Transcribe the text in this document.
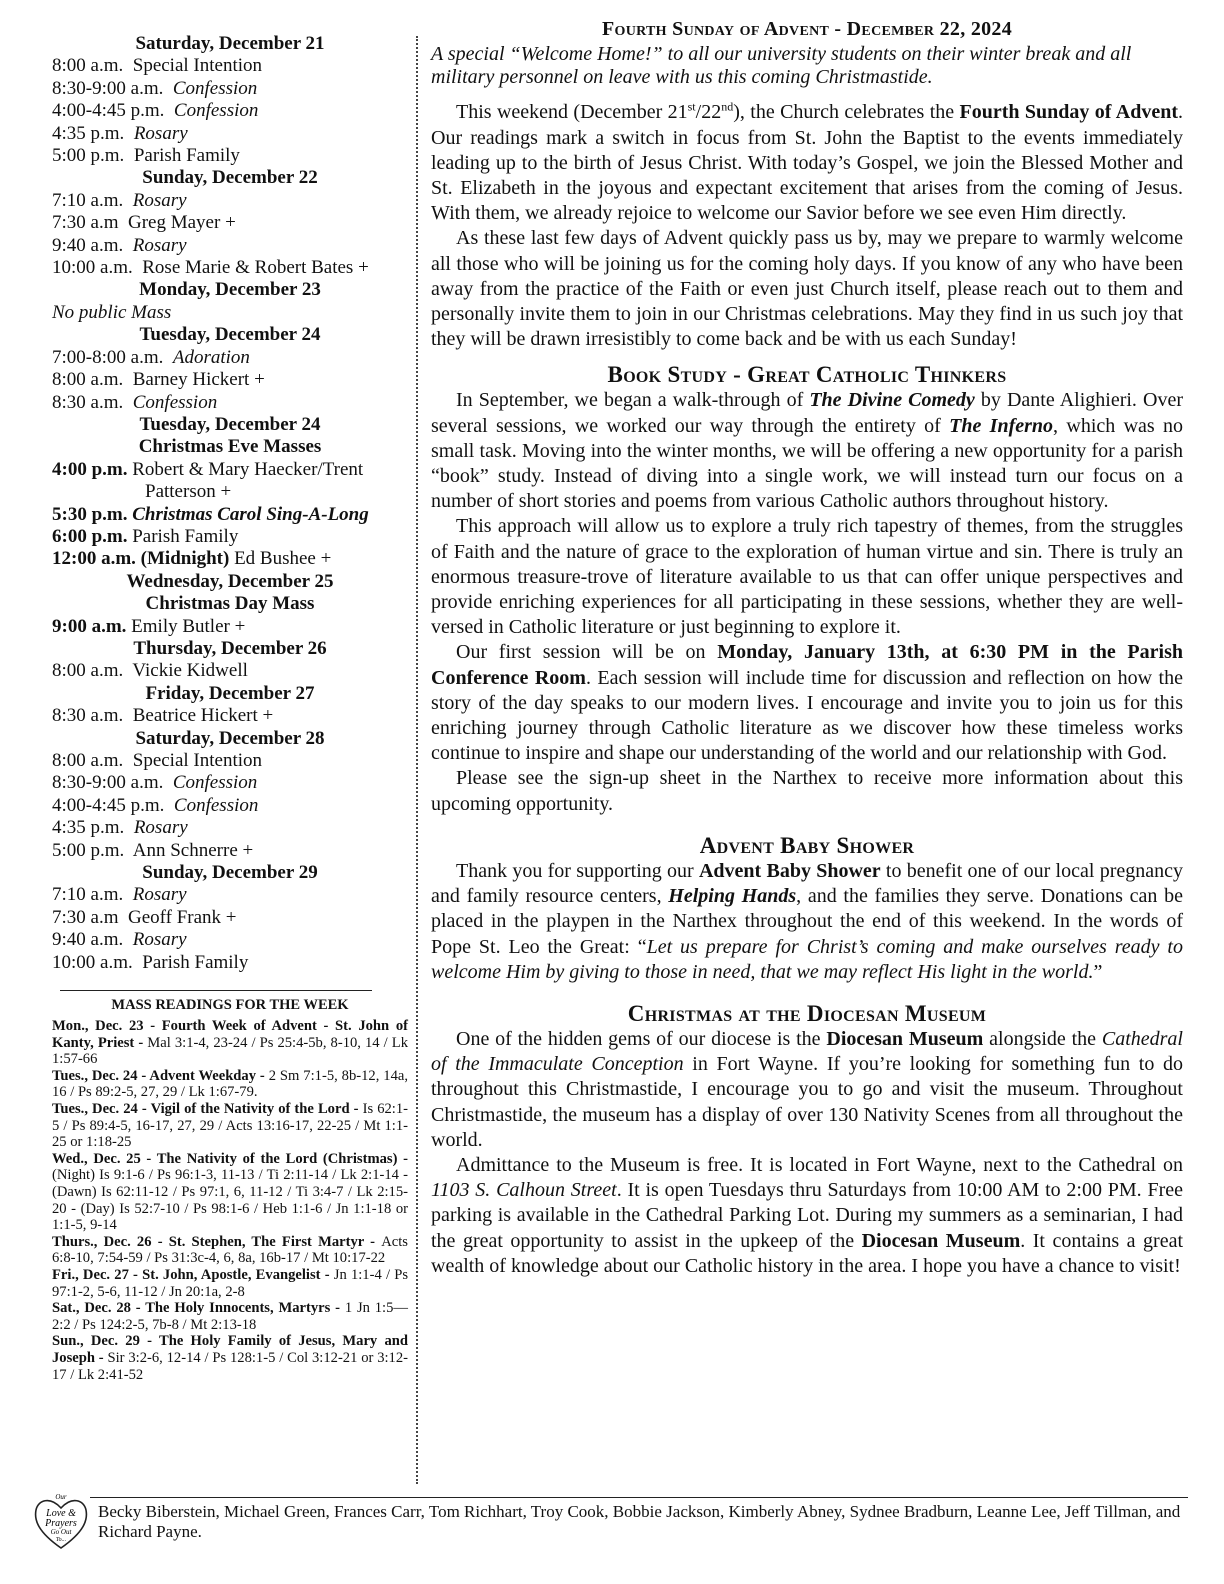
Saturday, December 21
8:00 a.m. Special Intention
8:30-9:00 a.m. Confession
4:00-4:45 p.m. Confession
4:35 p.m. Rosary
5:00 p.m. Parish Family
Sunday, December 22
7:10 a.m. Rosary
7:30 a.m Greg Mayer +
9:40 a.m. Rosary
10:00 a.m. Rose Marie & Robert Bates +
Monday, December 23
No public Mass
Tuesday, December 24
7:00-8:00 a.m. Adoration
8:00 a.m. Barney Hickert +
8:30 a.m. Confession
Tuesday, December 24
Christmas Eve Masses
4:00 p.m. Robert & Mary Haecker/Trent Patterson +
5:30 p.m. Christmas Carol Sing-A-Long
6:00 p.m. Parish Family
12:00 a.m. (Midnight) Ed Bushee +
Wednesday, December 25
Christmas Day Mass
9:00 a.m. Emily Butler +
Thursday, December 26
8:00 a.m. Vickie Kidwell
Friday, December 27
8:30 a.m. Beatrice Hickert +
Saturday, December 28
8:00 a.m. Special Intention
8:30-9:00 a.m. Confession
4:00-4:45 p.m. Confession
4:35 p.m. Rosary
5:00 p.m. Ann Schnerre +
Sunday, December 29
7:10 a.m. Rosary
7:30 a.m Geoff Frank +
9:40 a.m. Rosary
10:00 a.m. Parish Family
MASS READINGS FOR THE WEEK
Mon., Dec. 23 - Fourth Week of Advent - St. John of Kanty, Priest - Mal 3:1-4, 23-24 / Ps 25:4-5b, 8-10, 14 / Lk 1:57-66
Tues., Dec. 24 - Advent Weekday - 2 Sm 7:1-5, 8b-12, 14a, 16 / Ps 89:2-5, 27, 29 / Lk 1:67-79.
Tues., Dec. 24 - Vigil of the Nativity of the Lord - Is 62:1-5 / Ps 89:4-5, 16-17, 27, 29 / Acts 13:16-17, 22-25 / Mt 1:1-25 or 1:18-25
Wed., Dec. 25 - The Nativity of the Lord (Christmas) - (Night) Is 9:1-6 / Ps 96:1-3, 11-13 / Ti 2:11-14 / Lk 2:1-14 - (Dawn) Is 62:11-12 / Ps 97:1, 6, 11-12 / Ti 3:4-7 / Lk 2:15-20 - (Day) Is 52:7-10 / Ps 98:1-6 / Heb 1:1-6 / Jn 1:1-18 or 1:1-5, 9-14
Thurs., Dec. 26 - St. Stephen, The First Martyr - Acts 6:8-10, 7:54-59 / Ps 31:3c-4, 6, 8a, 16b-17 / Mt 10:17-22
Fri., Dec. 27 - St. John, Apostle, Evangelist - Jn 1:1-4 / Ps 97:1-2, 5-6, 11-12 / Jn 20:1a, 2-8
Sat., Dec. 28 - The Holy Innocents, Martyrs - 1 Jn 1:5—2:2 / Ps 124:2-5, 7b-8 / Mt 2:13-18
Sun., Dec. 29 - The Holy Family of Jesus, Mary and Joseph - Sir 3:2-6, 12-14 / Ps 128:1-5 / Col 3:12-21 or 3:12-17 / Lk 2:41-52
Fourth Sunday of Advent - December 22, 2024
A special “Welcome Home!” to all our university students on their winter break and all military personnel on leave with us this coming Christmastide.

This weekend (December 21st/22nd), the Church celebrates the Fourth Sunday of Advent. Our readings mark a switch in focus from St. John the Baptist to the events immediately leading up to the birth of Jesus Christ. With today’s Gospel, we join the Blessed Mother and St. Elizabeth in the joyous and expectant excitement that arises from the coming of Jesus. With them, we already rejoice to welcome our Savior before we see even Him directly.

As these last few days of Advent quickly pass us by, may we prepare to warmly welcome all those who will be joining us for the coming holy days. If you know of any who have been away from the practice of the Faith or even just Church itself, please reach out to them and personally invite them to join in our Christmas celebrations. May they find in us such joy that they will be drawn irresistibly to come back and be with us each Sunday!

Book Study - Great Catholic Thinkers

In September, we began a walk-through of The Divine Comedy by Dante Alighieri. Over several sessions, we worked our way through the entirety of The Inferno, which was no small task. Moving into the winter months, we will be offering a new opportunity for a parish “book” study. Instead of diving into a single work, we will instead turn our focus on a number of short stories and poems from various Catholic authors throughout history.

This approach will allow us to explore a truly rich tapestry of themes, from the struggles of Faith and the nature of grace to the exploration of human virtue and sin. There is truly an enormous treasure-trove of literature available to us that can offer unique perspectives and provide enriching experiences for all participating in these sessions, whether they are well-versed in Catholic literature or just beginning to explore it.

Our first session will be on Monday, January 13th, at 6:30 PM in the Parish Conference Room. Each session will include time for discussion and reflection on how the story of the day speaks to our modern lives. I encourage and invite you to join us for this enriching journey through Catholic literature as we discover how these timeless works continue to inspire and shape our understanding of the world and our relationship with God.

Please see the sign-up sheet in the Narthex to receive more information about this upcoming opportunity.

Advent Baby Shower

Thank you for supporting our Advent Baby Shower to benefit one of our local pregnancy and family resource centers, Helping Hands, and the families they serve. Donations can be placed in the playpen in the Narthex throughout the end of this weekend. In the words of Pope St. Leo the Great: “Let us prepare for Christ’s coming and make ourselves ready to welcome Him by giving to those in need, that we may reflect His light in the world.”

Christmas at the Diocesan Museum

One of the hidden gems of our diocese is the Diocesan Museum alongside the Cathedral of the Immaculate Conception in Fort Wayne. If you’re looking for something fun to do throughout this Christmastide, I encourage you to go and visit the museum. Throughout Christmastide, the museum has a display of over 130 Nativity Scenes from all throughout the world.

Admittance to the Museum is free. It is located in Fort Wayne, next to the Cathedral on 1103 S. Calhoun Street. It is open Tuesdays thru Saturdays from 10:00 AM to 2:00 PM. Free parking is available in the Cathedral Parking Lot. During my summers as a seminarian, I had the great opportunity to assist in the upkeep of the Diocesan Museum. It contains a great wealth of knowledge about our Catholic history in the area. I hope you have a chance to visit!

Our
Love &
Prayers
Go Out
To...
Becky Biberstein, Michael Green, Frances Carr, Tom Richhart, Troy Cook, Bobbie Jackson, Kimberly Abney, Sydnee Bradburn, Leanne Lee, Jeff Tillman, and Richard Payne.
